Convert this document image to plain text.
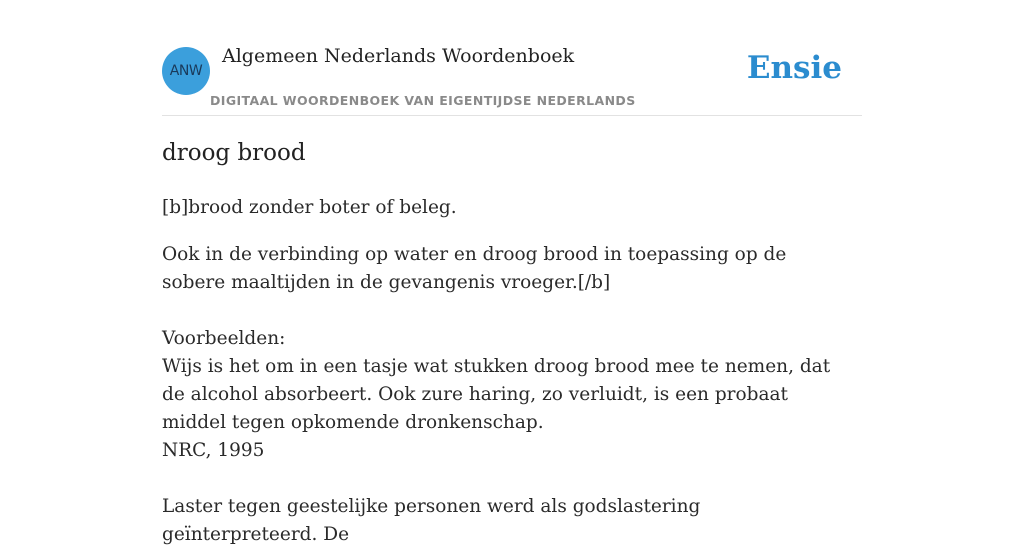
ANW
Algemeen Nederlands Woordenboek
DIGITAAL WOORDENBOEK VAN EIGENTIJDSE NEDERLANDS
Ensie
droog brood

[b]brood zonder boter of beleg.

Ook in de verbinding op water en droog brood in toepassing op de sobere maaltijden in de gevangenis vroeger.[/b]

Voorbeelden:

Wijs is het om in een tasje wat stukken droog brood mee te nemen, dat de alcohol absorbeert. Ook zure haring, zo verluidt, is een probaat middel tegen opkomende dronkenschap.

NRC, 1995

Laster tegen geestelijke personen werd als godslastering geïnterpreteerd. De
